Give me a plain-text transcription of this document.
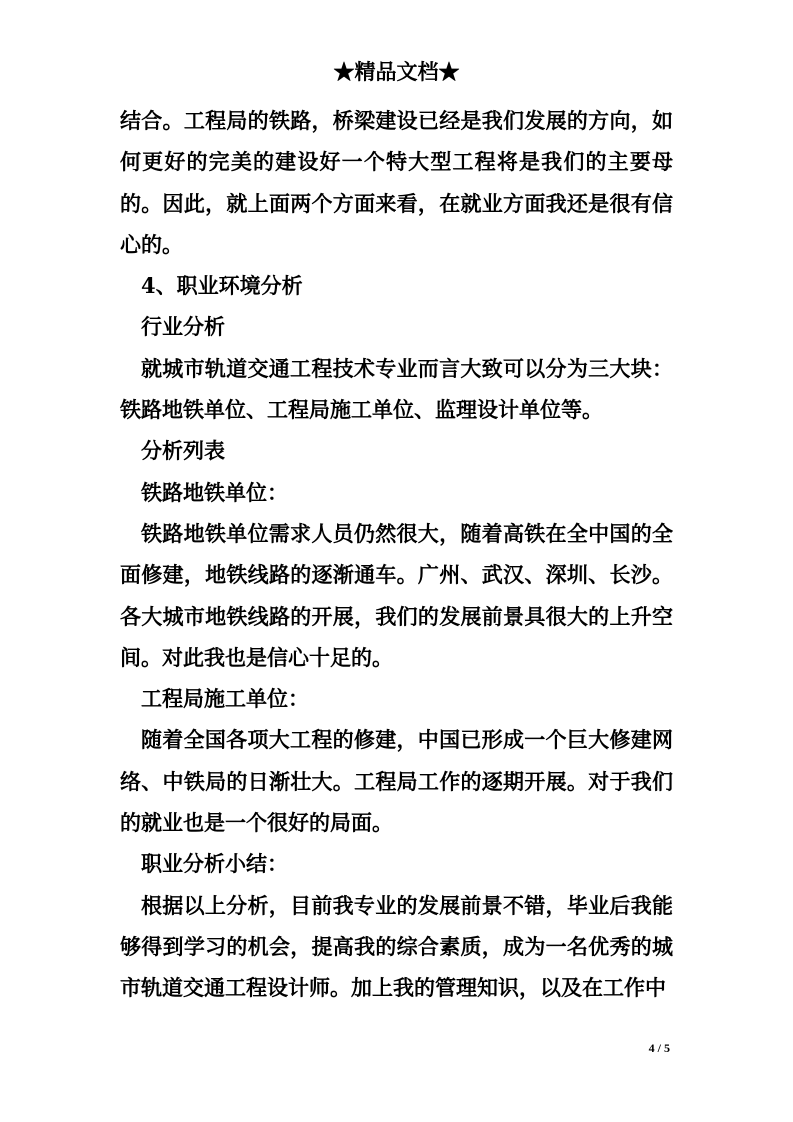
★精品文档★

结合。工程局的铁路，桥梁建设已经是我们发展的方向，如何更好的完美的建设好一个特大型工程将是我们的主要母的。因此，就上面两个方面来看，在就业方面我还是很有信心的。

4、职业环境分析

行业分析

就城市轨道交通工程技术专业而言大致可以分为三大块：铁路地铁单位、工程局施工单位、监理设计单位等。

分析列表

铁路地铁单位：

铁路地铁单位需求人员仍然很大，随着高铁在全中国的全面修建，地铁线路的逐渐通车。广州、武汉、深圳、长沙。各大城市地铁线路的开展，我们的发展前景具很大的上升空间。对此我也是信心十足的。

工程局施工单位：

随着全国各项大工程的修建，中国已形成一个巨大修建网络、中铁局的日渐壮大。工程局工作的逐期开展。对于我们的就业也是一个很好的局面。

职业分析小结：

根据以上分析，目前我专业的发展前景不错，毕业后我能够得到学习的机会，提高我的综合素质，成为一名优秀的城市轨道交通工程设计师。加上我的管理知识，以及在工作中

4 / 5
